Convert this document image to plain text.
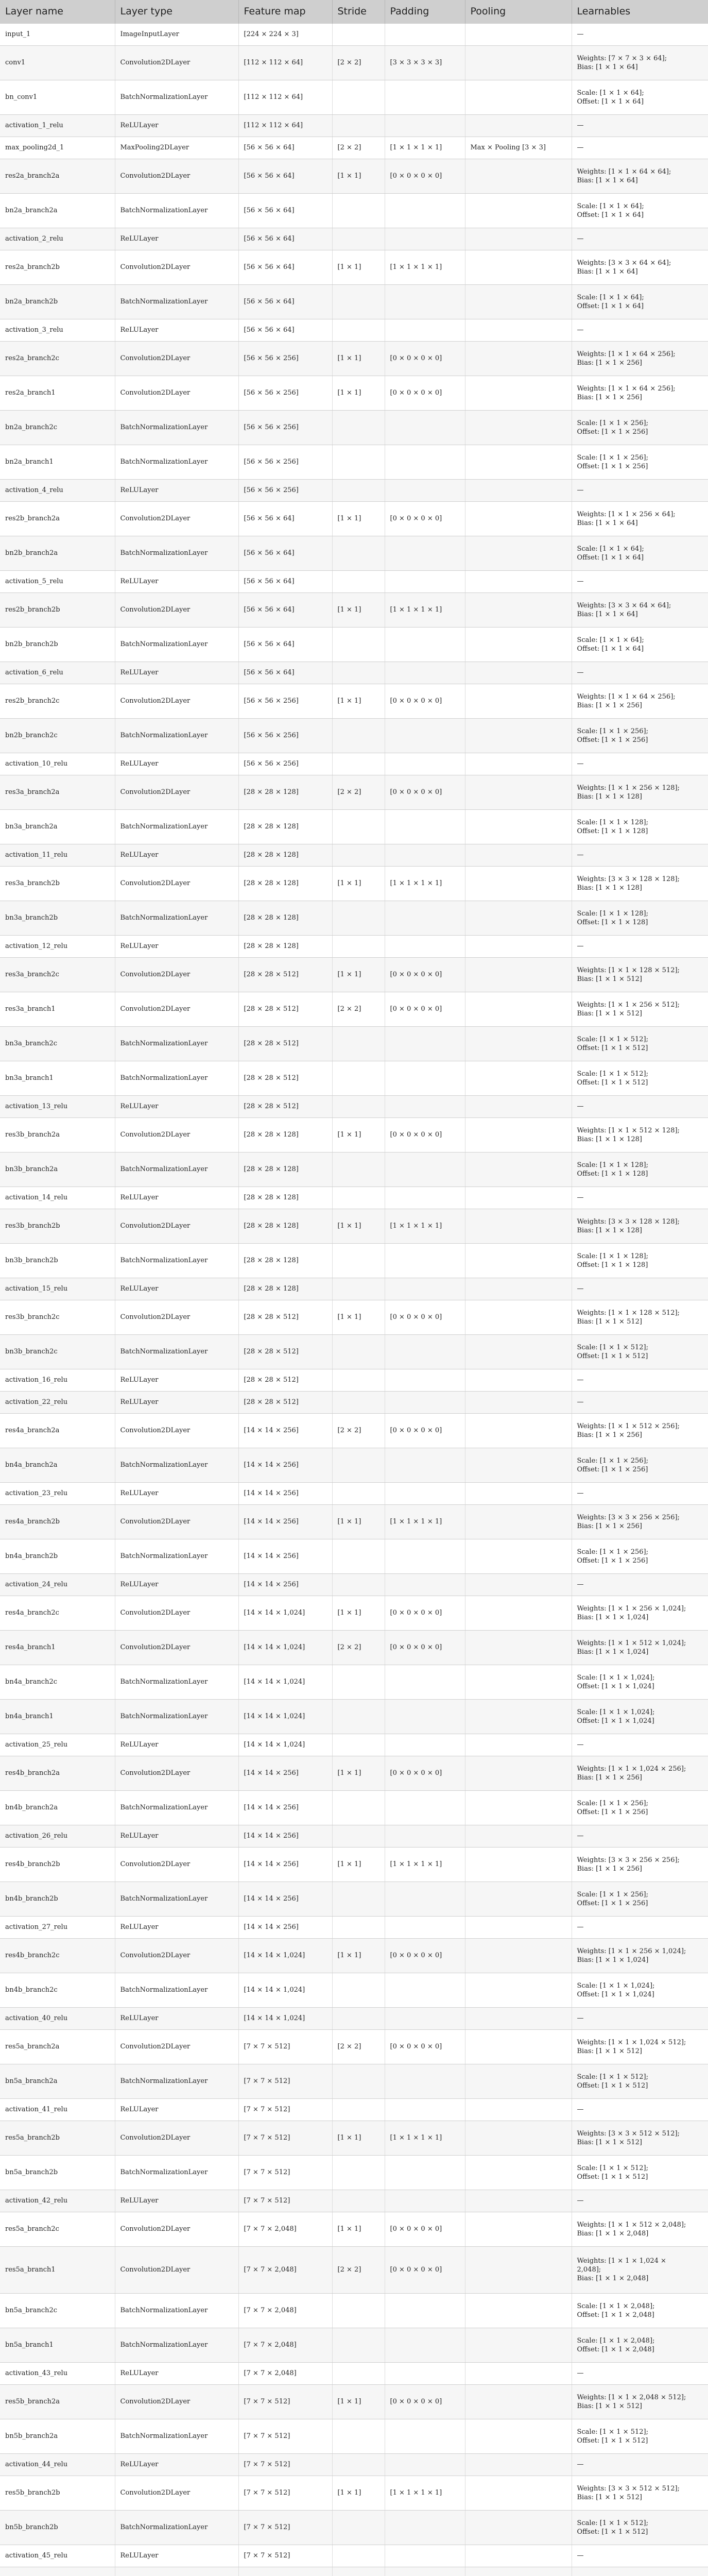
Layer name	Layer type	Feature map	Stride	Padding	Pooling	Learnables
input_1	ImageInputLayer	[224 × 224 × 3]				—
conv1	Convolution2DLayer	[112 × 112 × 64]	[2 × 2]	[3 × 3 × 3 × 3]		Weights: [7 × 7 × 3 × 64];
Bias: [1 × 1 × 64]
bn_conv1	BatchNormalizationLayer	[112 × 112 × 64]				Scale: [1 × 1 × 64];
Offset: [1 × 1 × 64]
activation_1_relu	ReLULayer	[112 × 112 × 64]				—
max_pooling2d_1	MaxPooling2DLayer	[56 × 56 × 64]	[2 × 2]	[1 × 1 × 1 × 1]	Max × Pooling [3 × 3]	—
res2a_branch2a	Convolution2DLayer	[56 × 56 × 64]	[1 × 1]	[0 × 0 × 0 × 0]		Weights: [1 × 1 × 64 × 64];
Bias: [1 × 1 × 64]
bn2a_branch2a	BatchNormalizationLayer	[56 × 56 × 64]				Scale: [1 × 1 × 64];
Offset: [1 × 1 × 64]
activation_2_relu	ReLULayer	[56 × 56 × 64]				—
res2a_branch2b	Convolution2DLayer	[56 × 56 × 64]	[1 × 1]	[1 × 1 × 1 × 1]		Weights: [3 × 3 × 64 × 64];
Bias: [1 × 1 × 64]
bn2a_branch2b	BatchNormalizationLayer	[56 × 56 × 64]				Scale: [1 × 1 × 64];
Offset: [1 × 1 × 64]
activation_3_relu	ReLULayer	[56 × 56 × 64]				—
res2a_branch2c	Convolution2DLayer	[56 × 56 × 256]	[1 × 1]	[0 × 0 × 0 × 0]		Weights: [1 × 1 × 64 × 256];
Bias: [1 × 1 × 256]
res2a_branch1	Convolution2DLayer	[56 × 56 × 256]	[1 × 1]	[0 × 0 × 0 × 0]		Weights: [1 × 1 × 64 × 256];
Bias: [1 × 1 × 256]
bn2a_branch2c	BatchNormalizationLayer	[56 × 56 × 256]				Scale: [1 × 1 × 256];
Offset: [1 × 1 × 256]
bn2a_branch1	BatchNormalizationLayer	[56 × 56 × 256]				Scale: [1 × 1 × 256];
Offset: [1 × 1 × 256]
activation_4_relu	ReLULayer	[56 × 56 × 256]				—
res2b_branch2a	Convolution2DLayer	[56 × 56 × 64]	[1 × 1]	[0 × 0 × 0 × 0]		Weights: [1 × 1 × 256 × 64];
Bias: [1 × 1 × 64]
bn2b_branch2a	BatchNormalizationLayer	[56 × 56 × 64]				Scale: [1 × 1 × 64];
Offset: [1 × 1 × 64]
activation_5_relu	ReLULayer	[56 × 56 × 64]				—
res2b_branch2b	Convolution2DLayer	[56 × 56 × 64]	[1 × 1]	[1 × 1 × 1 × 1]		Weights: [3 × 3 × 64 × 64];
Bias: [1 × 1 × 64]
bn2b_branch2b	BatchNormalizationLayer	[56 × 56 × 64]				Scale: [1 × 1 × 64];
Offset: [1 × 1 × 64]
activation_6_relu	ReLULayer	[56 × 56 × 64]				—
res2b_branch2c	Convolution2DLayer	[56 × 56 × 256]	[1 × 1]	[0 × 0 × 0 × 0]		Weights: [1 × 1 × 64 × 256];
Bias: [1 × 1 × 256]
bn2b_branch2c	BatchNormalizationLayer	[56 × 56 × 256]				Scale: [1 × 1 × 256];
Offset: [1 × 1 × 256]
activation_10_relu	ReLULayer	[56 × 56 × 256]				—
res3a_branch2a	Convolution2DLayer	[28 × 28 × 128]	[2 × 2]	[0 × 0 × 0 × 0]		Weights: [1 × 1 × 256 × 128];
Bias: [1 × 1 × 128]
bn3a_branch2a	BatchNormalizationLayer	[28 × 28 × 128]				Scale: [1 × 1 × 128];
Offset: [1 × 1 × 128]
activation_11_relu	ReLULayer	[28 × 28 × 128]				—
res3a_branch2b	Convolution2DLayer	[28 × 28 × 128]	[1 × 1]	[1 × 1 × 1 × 1]		Weights: [3 × 3 × 128 × 128];
Bias: [1 × 1 × 128]
bn3a_branch2b	BatchNormalizationLayer	[28 × 28 × 128]				Scale: [1 × 1 × 128];
Offset: [1 × 1 × 128]
activation_12_relu	ReLULayer	[28 × 28 × 128]				—
res3a_branch2c	Convolution2DLayer	[28 × 28 × 512]	[1 × 1]	[0 × 0 × 0 × 0]		Weights: [1 × 1 × 128 × 512];
Bias: [1 × 1 × 512]
res3a_branch1	Convolution2DLayer	[28 × 28 × 512]	[2 × 2]	[0 × 0 × 0 × 0]		Weights: [1 × 1 × 256 × 512];
Bias: [1 × 1 × 512]
bn3a_branch2c	BatchNormalizationLayer	[28 × 28 × 512]				Scale: [1 × 1 × 512];
Offset: [1 × 1 × 512]
bn3a_branch1	BatchNormalizationLayer	[28 × 28 × 512]				Scale: [1 × 1 × 512];
Offset: [1 × 1 × 512]
activation_13_relu	ReLULayer	[28 × 28 × 512]				—
res3b_branch2a	Convolution2DLayer	[28 × 28 × 128]	[1 × 1]	[0 × 0 × 0 × 0]		Weights: [1 × 1 × 512 × 128];
Bias: [1 × 1 × 128]
bn3b_branch2a	BatchNormalizationLayer	[28 × 28 × 128]				Scale: [1 × 1 × 128];
Offset: [1 × 1 × 128]
activation_14_relu	ReLULayer	[28 × 28 × 128]				—
res3b_branch2b	Convolution2DLayer	[28 × 28 × 128]	[1 × 1]	[1 × 1 × 1 × 1]		Weights: [3 × 3 × 128 × 128];
Bias: [1 × 1 × 128]
bn3b_branch2b	BatchNormalizationLayer	[28 × 28 × 128]				Scale: [1 × 1 × 128];
Offset: [1 × 1 × 128]
activation_15_relu	ReLULayer	[28 × 28 × 128]				—
res3b_branch2c	Convolution2DLayer	[28 × 28 × 512]	[1 × 1]	[0 × 0 × 0 × 0]		Weights: [1 × 1 × 128 × 512];
Bias: [1 × 1 × 512]
bn3b_branch2c	BatchNormalizationLayer	[28 × 28 × 512]				Scale: [1 × 1 × 512];
Offset: [1 × 1 × 512]
activation_16_relu	ReLULayer	[28 × 28 × 512]				—
activation_22_relu	ReLULayer	[28 × 28 × 512]				—
res4a_branch2a	Convolution2DLayer	[14 × 14 × 256]	[2 × 2]	[0 × 0 × 0 × 0]		Weights: [1 × 1 × 512 × 256];
Bias: [1 × 1 × 256]
bn4a_branch2a	BatchNormalizationLayer	[14 × 14 × 256]				Scale: [1 × 1 × 256];
Offset: [1 × 1 × 256]
activation_23_relu	ReLULayer	[14 × 14 × 256]				—
res4a_branch2b	Convolution2DLayer	[14 × 14 × 256]	[1 × 1]	[1 × 1 × 1 × 1]		Weights: [3 × 3 × 256 × 256];
Bias: [1 × 1 × 256]
bn4a_branch2b	BatchNormalizationLayer	[14 × 14 × 256]				Scale: [1 × 1 × 256];
Offset: [1 × 1 × 256]
activation_24_relu	ReLULayer	[14 × 14 × 256]				—
res4a_branch2c	Convolution2DLayer	[14 × 14 × 1,024]	[1 × 1]	[0 × 0 × 0 × 0]		Weights: [1 × 1 × 256 × 1,024];
Bias: [1 × 1 × 1,024]
res4a_branch1	Convolution2DLayer	[14 × 14 × 1,024]	[2 × 2]	[0 × 0 × 0 × 0]		Weights: [1 × 1 × 512 × 1,024];
Bias: [1 × 1 × 1,024]
bn4a_branch2c	BatchNormalizationLayer	[14 × 14 × 1,024]				Scale: [1 × 1 × 1,024];
Offset: [1 × 1 × 1,024]
bn4a_branch1	BatchNormalizationLayer	[14 × 14 × 1,024]				Scale: [1 × 1 × 1,024];
Offset: [1 × 1 × 1,024]
activation_25_relu	ReLULayer	[14 × 14 × 1,024]				—
res4b_branch2a	Convolution2DLayer	[14 × 14 × 256]	[1 × 1]	[0 × 0 × 0 × 0]		Weights: [1 × 1 × 1,024 × 256];
Bias: [1 × 1 × 256]
bn4b_branch2a	BatchNormalizationLayer	[14 × 14 × 256]				Scale: [1 × 1 × 256];
Offset: [1 × 1 × 256]
activation_26_relu	ReLULayer	[14 × 14 × 256]				—
res4b_branch2b	Convolution2DLayer	[14 × 14 × 256]	[1 × 1]	[1 × 1 × 1 × 1]		Weights: [3 × 3 × 256 × 256];
Bias: [1 × 1 × 256]
bn4b_branch2b	BatchNormalizationLayer	[14 × 14 × 256]				Scale: [1 × 1 × 256];
Offset: [1 × 1 × 256]
activation_27_relu	ReLULayer	[14 × 14 × 256]				—
res4b_branch2c	Convolution2DLayer	[14 × 14 × 1,024]	[1 × 1]	[0 × 0 × 0 × 0]		Weights: [1 × 1 × 256 × 1,024];
Bias: [1 × 1 × 1,024]
bn4b_branch2c	BatchNormalizationLayer	[14 × 14 × 1,024]				Scale: [1 × 1 × 1,024];
Offset: [1 × 1 × 1,024]
activation_40_relu	ReLULayer	[14 × 14 × 1,024]				—
res5a_branch2a	Convolution2DLayer	[7 × 7 × 512]	[2 × 2]	[0 × 0 × 0 × 0]		Weights: [1 × 1 × 1,024 × 512];
Bias: [1 × 1 × 512]
bn5a_branch2a	BatchNormalizationLayer	[7 × 7 × 512]				Scale: [1 × 1 × 512];
Offset: [1 × 1 × 512]
activation_41_relu	ReLULayer	[7 × 7 × 512]				—
res5a_branch2b	Convolution2DLayer	[7 × 7 × 512]	[1 × 1]	[1 × 1 × 1 × 1]		Weights: [3 × 3 × 512 × 512];
Bias: [1 × 1 × 512]
bn5a_branch2b	BatchNormalizationLayer	[7 × 7 × 512]				Scale: [1 × 1 × 512];
Offset: [1 × 1 × 512]
activation_42_relu	ReLULayer	[7 × 7 × 512]				—
res5a_branch2c	Convolution2DLayer	[7 × 7 × 2,048]	[1 × 1]	[0 × 0 × 0 × 0]		Weights: [1 × 1 × 512 × 2,048];
Bias: [1 × 1 × 2,048]
res5a_branch1	Convolution2DLayer	[7 × 7 × 2,048]	[2 × 2]	[0 × 0 × 0 × 0]		Weights: [1 × 1 × 1,024 ×
2,048];
Bias: [1 × 1 × 2,048]
bn5a_branch2c	BatchNormalizationLayer	[7 × 7 × 2,048]				Scale: [1 × 1 × 2,048];
Offset: [1 × 1 × 2,048]
bn5a_branch1	BatchNormalizationLayer	[7 × 7 × 2,048]				Scale: [1 × 1 × 2,048];
Offset: [1 × 1 × 2,048]
activation_43_relu	ReLULayer	[7 × 7 × 2,048]				—
res5b_branch2a	Convolution2DLayer	[7 × 7 × 512]	[1 × 1]	[0 × 0 × 0 × 0]		Weights: [1 × 1 × 2,048 × 512];
Bias: [1 × 1 × 512]
bn5b_branch2a	BatchNormalizationLayer	[7 × 7 × 512]				Scale: [1 × 1 × 512];
Offset: [1 × 1 × 512]
activation_44_relu	ReLULayer	[7 × 7 × 512]				—
res5b_branch2b	Convolution2DLayer	[7 × 7 × 512]	[1 × 1]	[1 × 1 × 1 × 1]		Weights: [3 × 3 × 512 × 512];
Bias: [1 × 1 × 512]
bn5b_branch2b	BatchNormalizationLayer	[7 × 7 × 512]				Scale: [1 × 1 × 512];
Offset: [1 × 1 × 512]
activation_45_relu	ReLULayer	[7 × 7 × 512]				—
